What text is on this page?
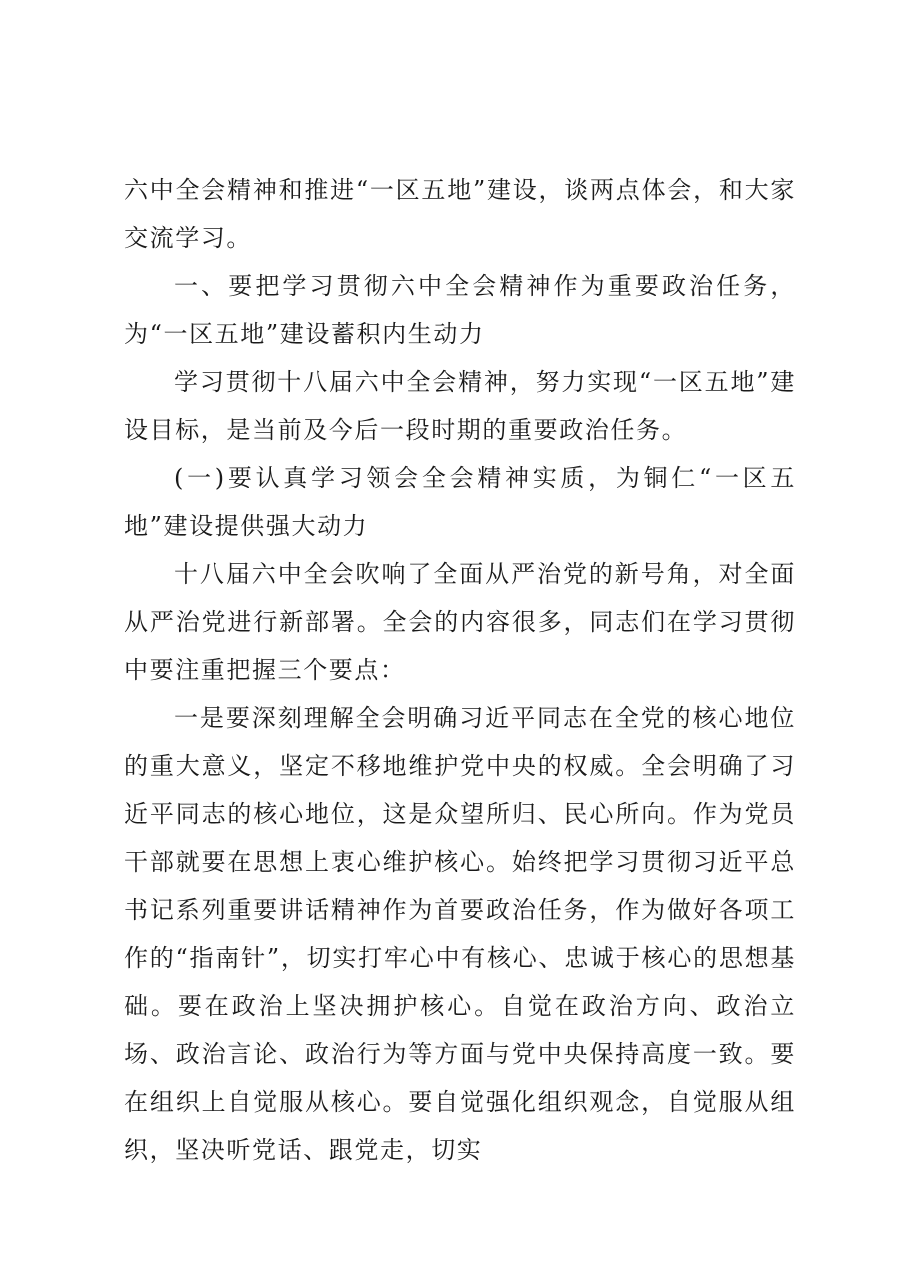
六中全会精神和推进“一区五地”建设，谈两点体会，和大家交流学习。

一、要把学习贯彻六中全会精神作为重要政治任务，为“一区五地”建设蓄积内生动力

学习贯彻十八届六中全会精神，努力实现“一区五地”建设目标，是当前及今后一段时期的重要政治任务。

(一)要认真学习领会全会精神实质，为铜仁“一区五地”建设提供强大动力

十八届六中全会吹响了全面从严治党的新号角，对全面从严治党进行新部署。全会的内容很多，同志们在学习贯彻中要注重把握三个要点：

一是要深刻理解全会明确习近平同志在全党的核心地位的重大意义，坚定不移地维护党中央的权威。全会明确了习近平同志的核心地位，这是众望所归、民心所向。作为党员干部就要在思想上衷心维护核心。始终把学习贯彻习近平总书记系列重要讲话精神作为首要政治任务，作为做好各项工作的“指南针”，切实打牢心中有核心、忠诚于核心的思想基础。要在政治上坚决拥护核心。自觉在政治方向、政治立场、政治言论、政治行为等方面与党中央保持高度一致。要在组织上自觉服从核心。要自觉强化组织观念，自觉服从组织，坚决听党话、跟党走，切实
